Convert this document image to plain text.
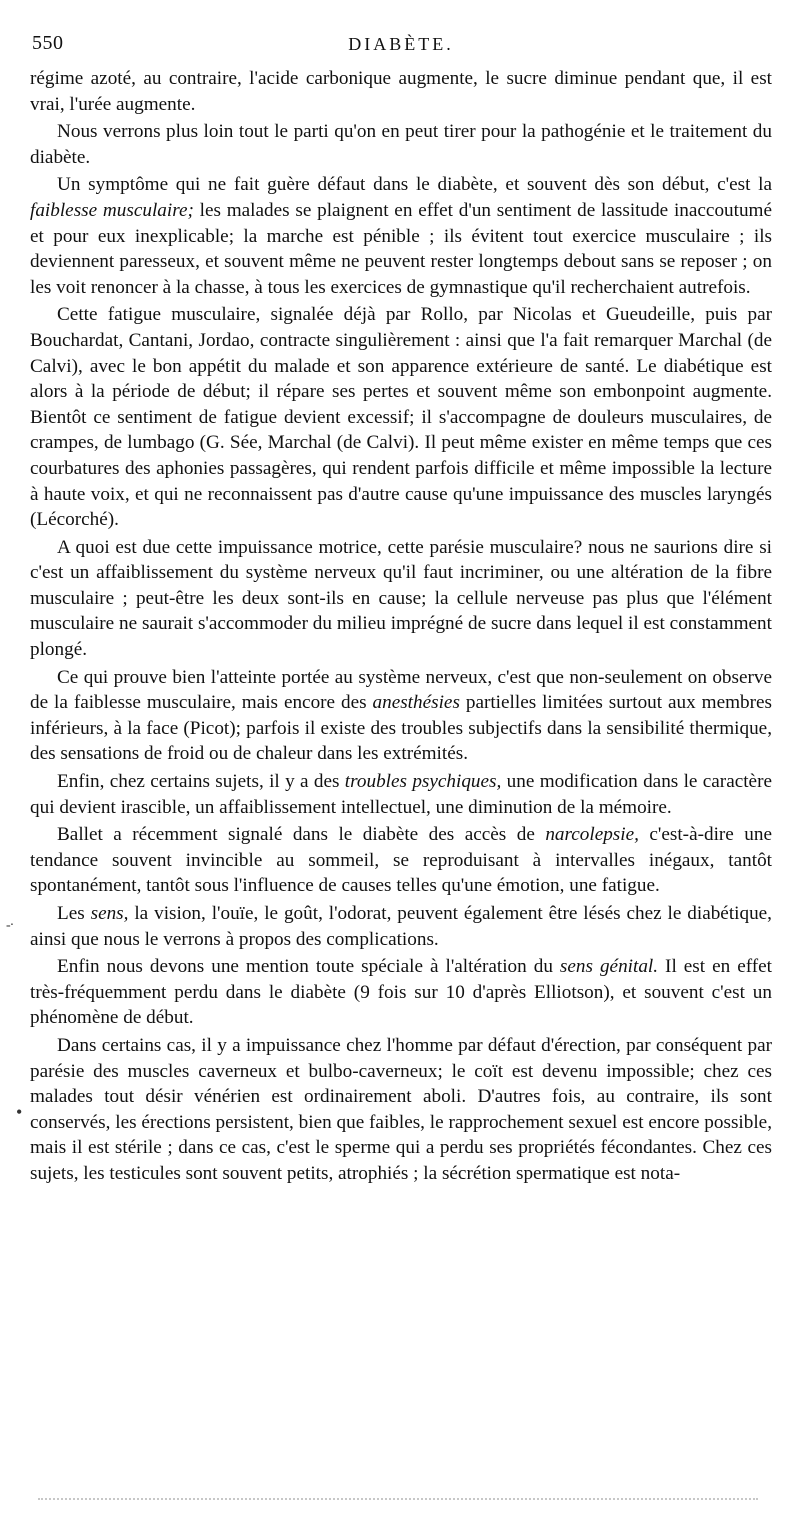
550	DIABÈTE.

régime azoté, au contraire, l'acide carbonique augmente, le sucre diminue pendant que, il est vrai, l'urée augmente.

Nous verrons plus loin tout le parti qu'on en peut tirer pour la pathogénie et le traitement du diabète.

Un symptôme qui ne fait guère défaut dans le diabète, et souvent dès son début, c'est la faiblesse musculaire; les malades se plaignent en effet d'un sentiment de lassitude inaccoutumé et pour eux inexplicable; la marche est pénible ; ils évitent tout exercice musculaire ; ils deviennent paresseux, et souvent même ne peuvent rester longtemps debout sans se reposer ; on les voit renoncer à la chasse, à tous les exercices de gymnastique qu'il recherchaient autrefois.

Cette fatigue musculaire, signalée déjà par Rollo, par Nicolas et Gueudeille, puis par Bouchardat, Cantani, Jordao, contracte singulièrement : ainsi que l'a fait remarquer Marchal (de Calvi), avec le bon appétit du malade et son apparence extérieure de santé. Le diabétique est alors à la période de début; il répare ses pertes et souvent même son embonpoint augmente. Bientôt ce sentiment de fatigue devient excessif; il s'accompagne de douleurs musculaires, de crampes, de lumbago (G. Sée, Marchal (de Calvi). Il peut même exister en même temps que ces courbatures des aphonies passagères, qui rendent parfois difficile et même impossible la lecture à haute voix, et qui ne reconnaissent pas d'autre cause qu'une impuissance des muscles laryngés (Lécorché).

A quoi est due cette impuissance motrice, cette parésie musculaire? nous ne saurions dire si c'est un affaiblissement du système nerveux qu'il faut incriminer, ou une altération de la fibre musculaire ; peut-être les deux sont-ils en cause; la cellule nerveuse pas plus que l'élément musculaire ne saurait s'accommoder du milieu imprégné de sucre dans lequel il est constamment plongé.

Ce qui prouve bien l'atteinte portée au système nerveux, c'est que non-seulement on observe de la faiblesse musculaire, mais encore des anesthésies partielles limitées surtout aux membres inférieurs, à la face (Picot); parfois il existe des troubles subjectifs dans la sensibilité thermique, des sensations de froid ou de chaleur dans les extrémités.

Enfin, chez certains sujets, il y a des troubles psychiques, une modification dans le caractère qui devient irascible, un affaiblissement intellectuel, une diminution de la mémoire.

Ballet a récemment signalé dans le diabète des accès de narcolepsie, c'est-à-dire une tendance souvent invincible au sommeil, se reproduisant à intervalles inégaux, tantôt spontanément, tantôt sous l'influence de causes telles qu'une émotion, une fatigue.

Les sens, la vision, l'ouïe, le goût, l'odorat, peuvent également être lésés chez le diabétique, ainsi que nous le verrons à propos des complications.

Enfin nous devons une mention toute spéciale à l'altération du sens génital. Il est en effet très-fréquemment perdu dans le diabète (9 fois sur 10 d'après Elliotson), et souvent c'est un phénomène de début.

Dans certains cas, il y a impuissance chez l'homme par défaut d'érection, par conséquent par parésie des muscles caverneux et bulbo-caverneux; le coït est devenu impossible; chez ces malades tout désir vénérien est ordinairement aboli. D'autres fois, au contraire, ils sont conservés, les érections persistent, bien que faibles, le rapprochement sexuel est encore possible, mais il est stérile ; dans ce cas, c'est le sperme qui a perdu ses propriétés fécondantes. Chez ces sujets, les testicules sont souvent petits, atrophiés ; la sécrétion spermatique est nota-

-·
•
